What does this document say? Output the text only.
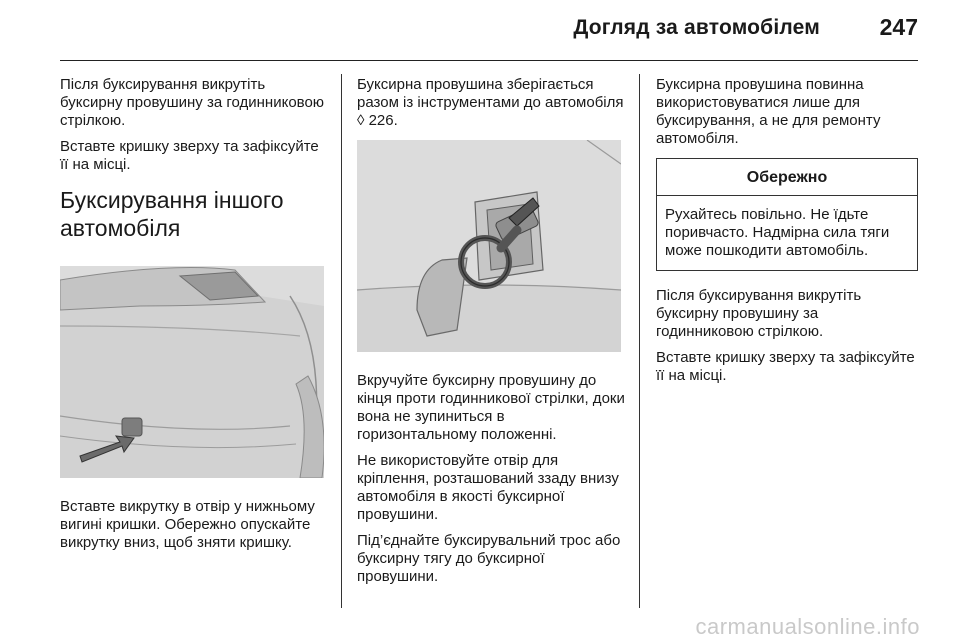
Догляд за автомобілем	247

Після буксирування викрутіть буксирну провушину за годинниковою стрілкою.

Вставте кришку зверху та зафіксуйте її на місці.

Буксирування іншого автомобіля

Вставте викрутку в отвір у нижньому вигині кришки. Обережно опускайте викрутку вниз, щоб зняти кришку.

Буксирна провушина зберігається разом із інструментами до автомобіля ◊ 226.

Вкручуйте буксирну провушину до кінця проти годинникової стрілки, доки вона не зупиниться в горизонтальному положенні.

Не використовуйте отвір для кріплення, розташований ззаду внизу автомобіля в якості буксирної провушини.

Під’єднайте буксирувальний трос або буксирну тягу до буксирної провушини.

Буксирна провушина повинна використовуватися лише для буксирування, а не для ремонту автомобіля.

Обережно
Рухайтесь повільно. Не їдьте поривчасто. Надмірна сила тяги може пошкодити автомобіль.

Після буксирування викрутіть буксирну провушину за годинниковою стрілкою.

Вставте кришку зверху та зафіксуйте її на місці.

carmanualsonline.info
